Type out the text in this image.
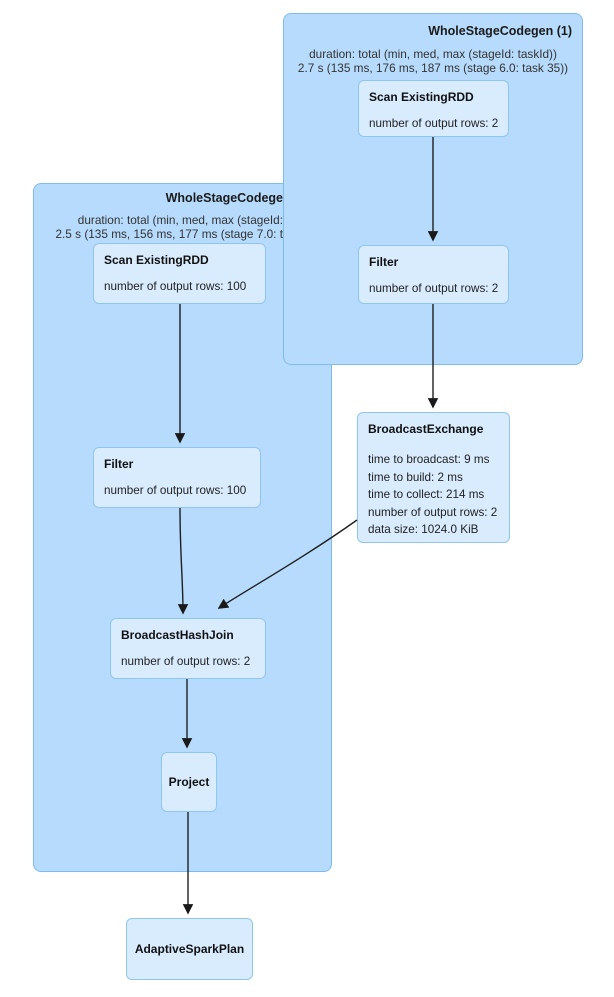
WholeStageCodege
duration: total (min, med, max (stageId:
2.5 s (135 ms, 156 ms, 177 ms (stage 7.0: t
WholeStageCodegen (1)
duration: total (min, med, max (stageId: taskId))
2.7 s (135 ms, 176 ms, 187 ms (stage 6.0: task 35))
Scan ExistingRDD
number of output rows: 2
Filter
number of output rows: 2
BroadcastExchange
time to broadcast: 9 ms
time to build: 2 ms
time to collect: 214 ms
number of output rows: 2
data size: 1024.0 KiB
Scan ExistingRDD
number of output rows: 100
Filter
number of output rows: 100
BroadcastHashJoin
number of output rows: 2
Project
AdaptiveSparkPlan
